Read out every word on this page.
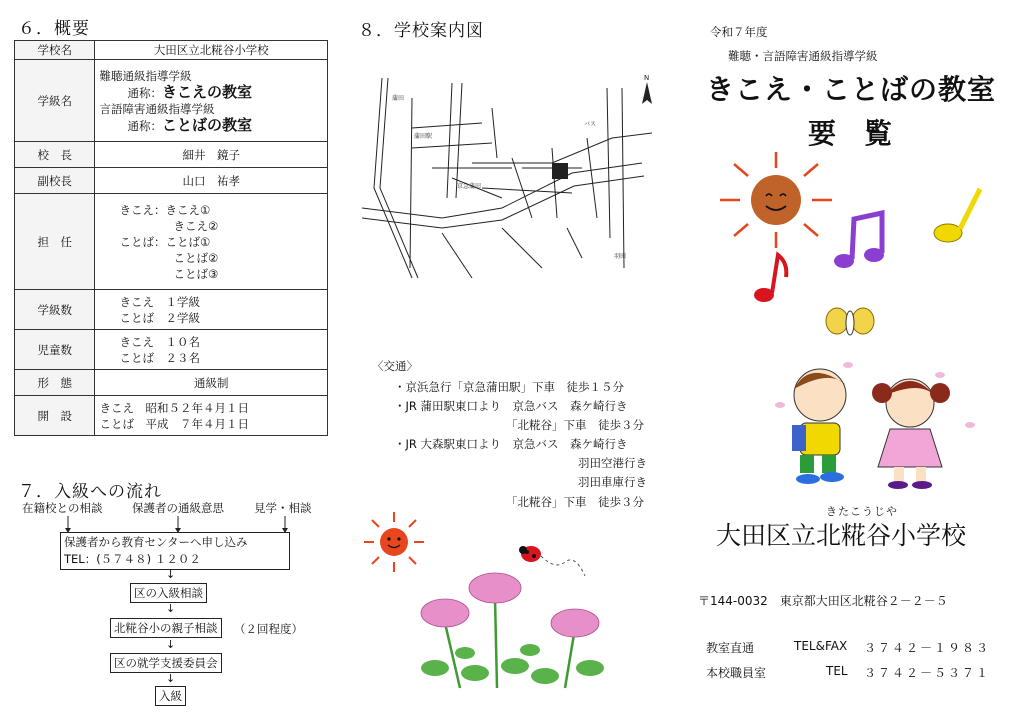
６．概要
学校名	大田区立北糀谷小学校
学級名	難聴通級指導学級
通称：きこえの教室
言語障害通級指導学級
通称：ことばの教室

校　長	細井　鏡子
副校長	山口　祐孝
担　任	きこえ：きこえ①
きこえ②
ことば：ことば①
ことば②
ことば③

学級数	きこえ　１学級
ことば　２学級

児童数	きこえ　１０名
ことば　２３名

形　態	通級制
開　設	きこえ　昭和５２年４月１日
ことば　平成　７年４月１日
７．入級への流れ
在籍校との相談	保護者の通級意思	見学・相談
保護者から教育センターへ申し込み
TEL：(５７４８) １２０２
↓
区の入級相談
↓
北糀谷小の親子相談	（２回程度）
↓
区の就学支援委員会
↓
入級
８．学校案内図
蒲田
蒲田駅
京急蒲田
バス
羽田
N
〈交通〉
・京浜急行「京急蒲田駅」下車　徒歩１５分
・JR 蒲田駅東口より　京急バス　森ケ崎行き
「北糀谷」下車　徒歩３分
・JR 大森駅東口より　京急バス　森ケ崎行き
羽田空港行き
羽田車庫行き
「北糀谷」下車　徒歩３分
令和７年度
難聴・言語障害通級指導学級
きこえ・ことばの教室
要　覧
きたこうじや
大田区立北糀谷小学校
〒144-0032　東京都大田区北糀谷２－２－５
教室直通	TEL&FAX ３７４２－１９８３
本校職員室	TEL ３７４２－５３７１
